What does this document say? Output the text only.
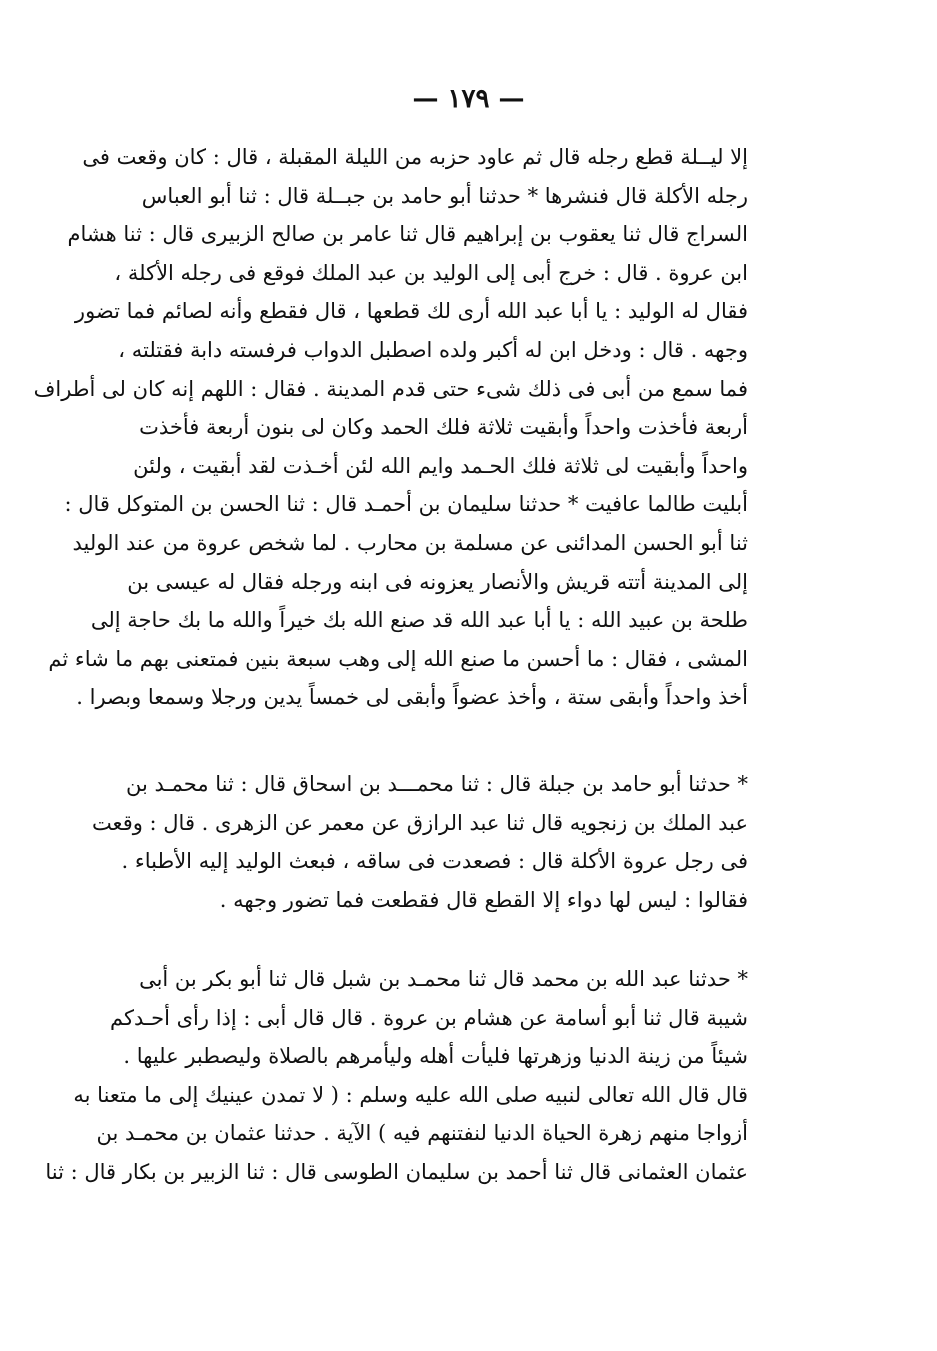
— ١٧٩ —
إلا ليــلة قطع رجله قال ثم عاود حزبه من الليلة المقبلة ، قال : كان وقعت فى
رجله الأكلة قال فنشرها * حدثنا أبو حامد بن جبــلة قال : ثنا أبو العباس
السراج قال ثنا يعقوب بن إبراهيم قال ثنا عامر بن صالح الزبيرى قال : ثنا هشام
ابن عروة . قال : خرج أبى إلى الوليد بن عبد الملك فوقع فى رجله الأكلة ،
فقال له الوليد : يا أبا عبد الله أرى لك قطعها ، قال فقطع وأنه لصائم فما تضور
وجهه . قال : ودخل ابن له أكبر ولده اصطبل الدواب فرفسته دابة فقتلته ،
فما سمع من أبى فى ذلك شىء حتى قدم المدينة . فقال : اللهم إنه كان لى أطراف
أربعة فأخذت واحداً وأبقيت ثلاثة فلك الحمد وكان لى بنون أربعة فأخذت
واحداً وأبقيت لى ثلاثة فلك الحـمد وايم الله لئن أخـذت لقد أبقيت ، ولئن
أبليت طالما عافيت * حدثنا سليمان بن أحمـد قال : ثنا الحسن بن المتوكل قال :
ثنا أبو الحسن المدائنى عن مسلمة بن محارب . لما شخص عروة من عند الوليد
إلى المدينة أتته قريش والأنصار يعزونه فى ابنه ورجله فقال له عيسى بن
طلحة بن عبيد الله : يا أبا عبد الله قد صنع الله بك خيراً والله ما بك حاجة إلى
المشى ، فقال : ما أحسن ما صنع الله إلى وهب سبعة بنين فمتعنى بهم ما شاء ثم
أخذ واحداً وأبقى ستة ، وأخذ عضواً وأبقى لى خمساً يدين ورجلا وسمعا وبصرا .
* حدثنا أبو حامد بن جبلة قال : ثنا محمـــد بن اسحاق قال : ثنا محمـد بن
عبد الملك بن زنجويه قال ثنا عبد الرازق عن معمر عن الزهرى . قال : وقعت
فى رجل عروة الأكلة قال : فصعدت فى ساقه ، فبعث الوليد إليه الأطباء .
فقالوا : ليس لها دواء إلا القطع قال فقطعت فما تضور وجهه .
* حدثنا عبد الله بن محمد قال ثنا محمـد بن شبل قال ثنا أبو بكر بن أبى
شيبة قال ثنا أبو أسامة عن هشام بن عروة . قال قال أبى : إذا رأى أحـدكم
شيئاً من زينة الدنيا وزهرتها فليأت أهله وليأمرهم بالصلاة وليصطبر عليها .
قال قال الله تعالى لنبيه صلى الله عليه وسلم : ( لا تمدن عينيك إلى ما متعنا به
أزواجا منهم زهرة الحياة الدنيا لنفتنهم فيه ) الآية . حدثنا عثمان بن محمـد بن
عثمان العثمانى قال ثنا أحمد بن سليمان الطوسى قال : ثنا الزبير بن بكار قال : ثنا
